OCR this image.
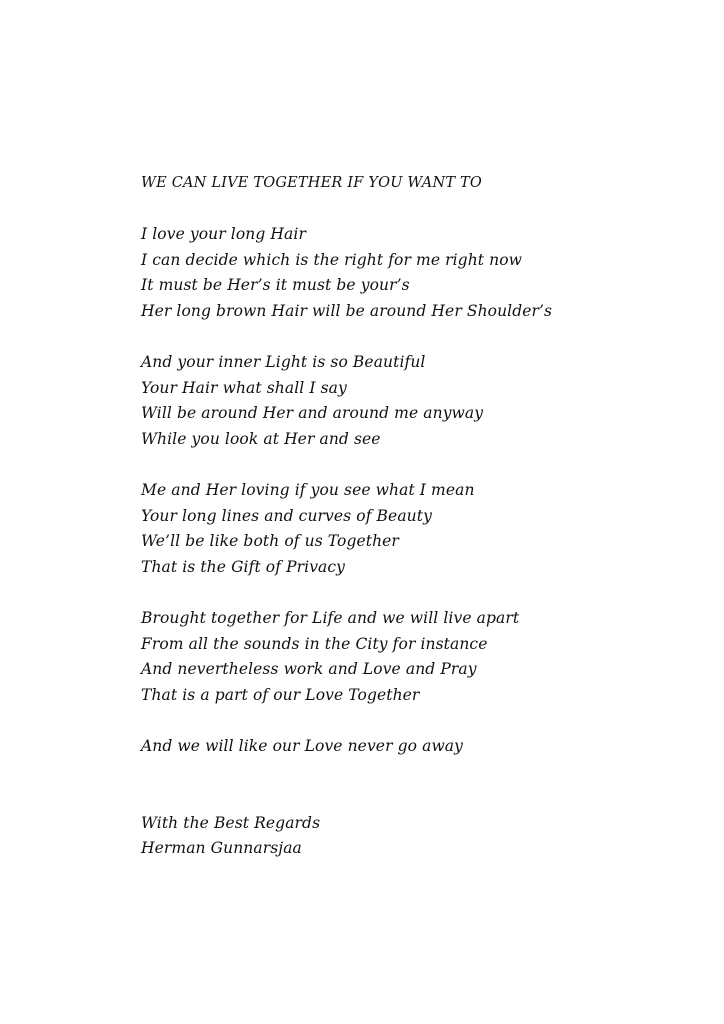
WE CAN LIVE TOGETHER IF YOU WANT TO
I love your long Hair
I can decide which is the right for me right now
It must be Her’s it must be your’s
Her long brown Hair will be around Her Shoulder’s
And your inner Light is so Beautiful
Your Hair what shall I say
Will be around Her and around me anyway
While you look at Her and see
Me and Her loving if you see what I mean
Your long lines and curves of Beauty
We’ll be like both of us Together
That is the Gift of Privacy
Brought together for Life and we will live apart
From all the sounds in the City for instance
And nevertheless work and Love and Pray
That is a part of our Love Together
And we will like our Love never go away
With the Best Regards
Herman Gunnarsjaa
